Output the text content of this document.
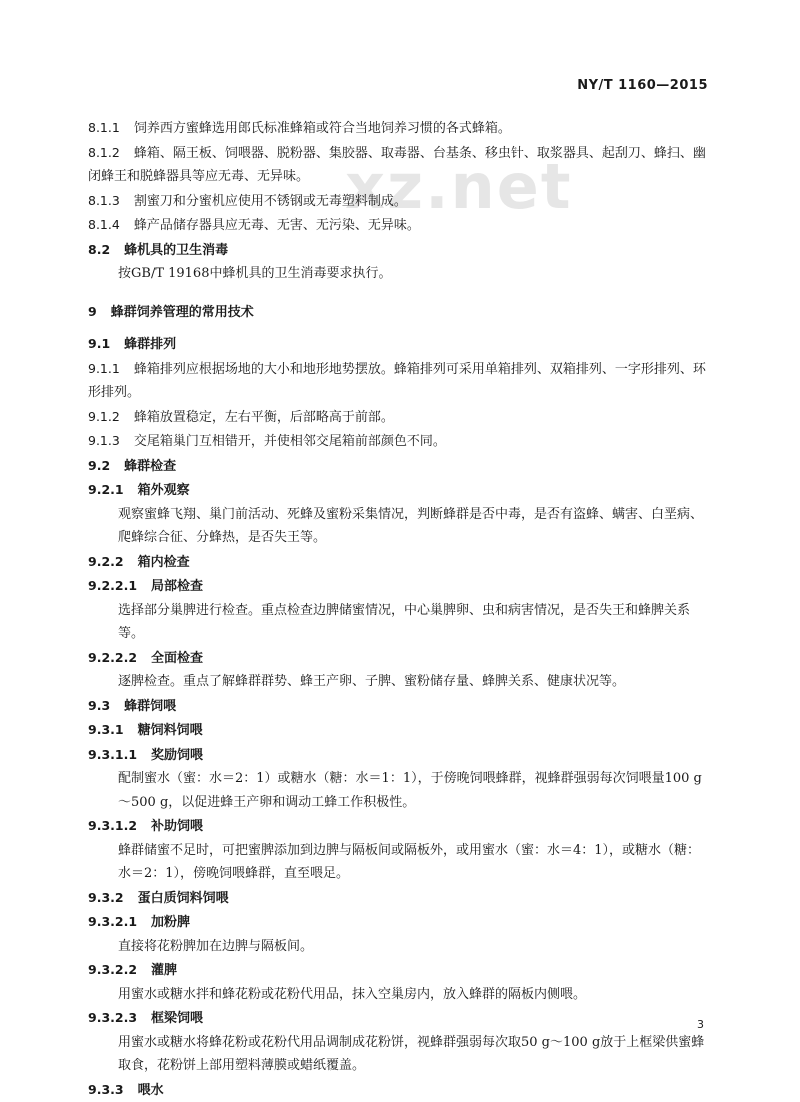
xz.net
NY/T 1160—2015
8.1.1 饲养西方蜜蜂选用郎氏标准蜂箱或符合当地饲养习惯的各式蜂箱。
8.1.2 蜂箱、隔王板、饲喂器、脱粉器、集胶器、取毒器、台基条、移虫针、取浆器具、起刮刀、蜂扫、幽闭蜂王和脱蜂器具等应无毒、无异味。
8.1.3 割蜜刀和分蜜机应使用不锈钢或无毒塑料制成。
8.1.4 蜂产品储存器具应无毒、无害、无污染、无异味。
8.2 蜂机具的卫生消毒
按GB/T 19168中蜂机具的卫生消毒要求执行。
9 蜂群饲养管理的常用技术
9.1 蜂群排列
9.1.1 蜂箱排列应根据场地的大小和地形地势摆放。蜂箱排列可采用单箱排列、双箱排列、一字形排列、环形排列。
9.1.2 蜂箱放置稳定，左右平衡，后部略高于前部。
9.1.3 交尾箱巢门互相错开，并使相邻交尾箱前部颜色不同。
9.2 蜂群检查
9.2.1 箱外观察
观察蜜蜂飞翔、巢门前活动、死蜂及蜜粉采集情况，判断蜂群是否中毒，是否有盗蜂、螨害、白垩病、爬蜂综合征、分蜂热，是否失王等。
9.2.2 箱内检查
9.2.2.1 局部检查
选择部分巢脾进行检查。重点检查边脾储蜜情况，中心巢脾卵、虫和病害情况，是否失王和蜂脾关系等。
9.2.2.2 全面检查
逐脾检查。重点了解蜂群群势、蜂王产卵、子脾、蜜粉储存量、蜂脾关系、健康状况等。
9.3 蜂群饲喂
9.3.1 糖饲料饲喂
9.3.1.1 奖励饲喂
配制蜜水（蜜：水＝2：1）或糖水（糖：水＝1：1），于傍晚饲喂蜂群，视蜂群强弱每次饲喂量100 g～500 g，以促进蜂王产卵和调动工蜂工作积极性。
9.3.1.2 补助饲喂
蜂群储蜜不足时，可把蜜脾添加到边脾与隔板间或隔板外，或用蜜水（蜜：水＝4：1），或糖水（糖：水＝2：1），傍晚饲喂蜂群，直至喂足。
9.3.2 蛋白质饲料饲喂
9.3.2.1 加粉脾
直接将花粉脾加在边脾与隔板间。
9.3.2.2 灌脾
用蜜水或糖水拌和蜂花粉或花粉代用品，抹入空巢房内，放入蜂群的隔板内侧喂。
9.3.2.3 框梁饲喂
用蜜水或糖水将蜂花粉或花粉代用品调制成花粉饼，视蜂群强弱每次取50 g～100 g放于上框梁供蜜蜂取食，花粉饼上部用塑料薄膜或蜡纸覆盖。
9.3.3 喂水
3
